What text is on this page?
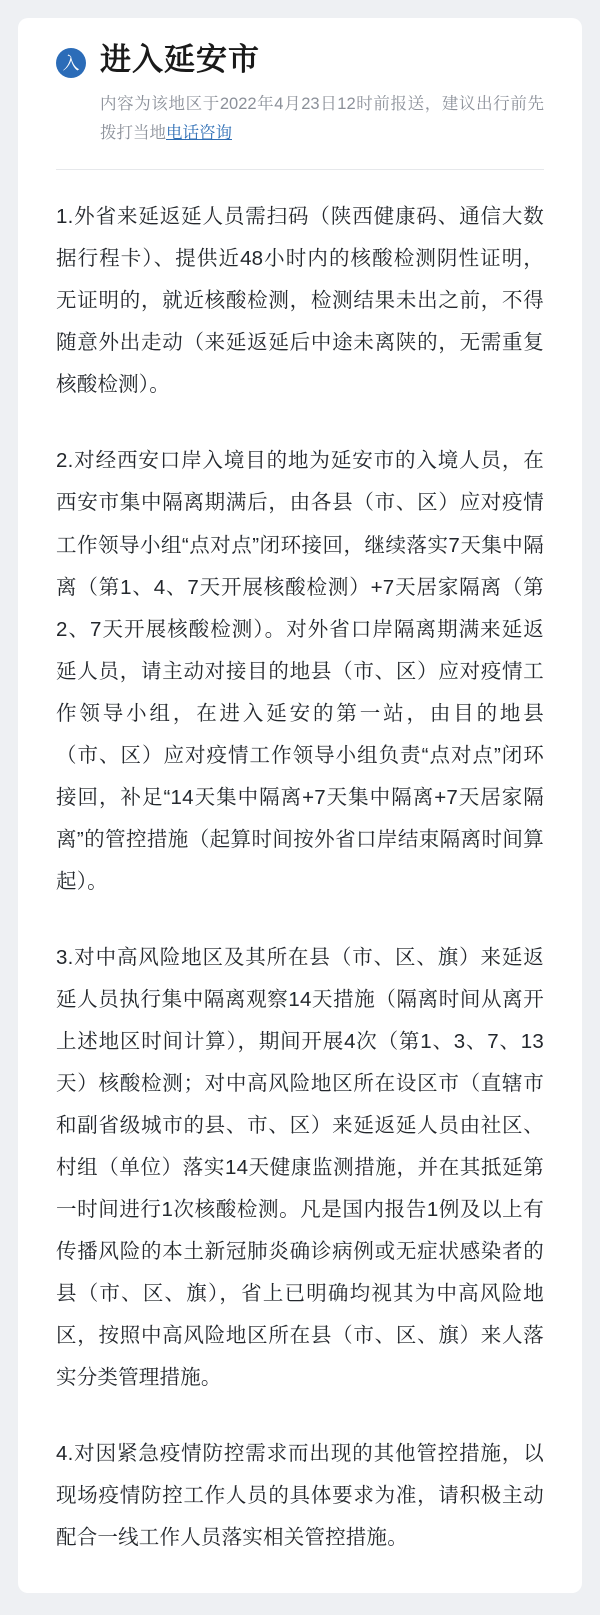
入 进入延安市

内容为该地区于2022年4月23日12时前报送，建议出行前先拨打当地电话咨询

1.外省来延返延人员需扫码（陕西健康码、通信大数据行程卡）、提供近48小时内的核酸检测阴性证明，无证明的，就近核酸检测，检测结果未出之前，不得随意外出走动（来延返延后中途未离陕的，无需重复核酸检测）。

2.对经西安口岸入境目的地为延安市的入境人员，在西安市集中隔离期满后，由各县（市、区）应对疫情工作领导小组“点对点”闭环接回，继续落实7天集中隔离（第1、4、7天开展核酸检测）+7天居家隔离（第2、7天开展核酸检测）。对外省口岸隔离期满来延返延人员，请主动对接目的地县（市、区）应对疫情工作领导小组，在进入延安的第一站，由目的地县（市、区）应对疫情工作领导小组负责“点对点”闭环接回，补足“14天集中隔离+7天集中隔离+7天居家隔离”的管控措施（起算时间按外省口岸结束隔离时间算起）。

3.对中高风险地区及其所在县（市、区、旗）来延返延人员执行集中隔离观察14天措施（隔离时间从离开上述地区时间计算），期间开展4次（第1、3、7、13天）核酸检测；对中高风险地区所在设区市（直辖市和副省级城市的县、市、区）来延返延人员由社区、村组（单位）落实14天健康监测措施，并在其抵延第一时间进行1次核酸检测。凡是国内报告1例及以上有传播风险的本土新冠肺炎确诊病例或无症状感染者的县（市、区、旗），省上已明确均视其为中高风险地区，按照中高风险地区所在县（市、区、旗）来人落实分类管理措施。

4.对因紧急疫情防控需求而出现的其他管控措施，以现场疫情防控工作人员的具体要求为准，请积极主动配合一线工作人员落实相关管控措施。
